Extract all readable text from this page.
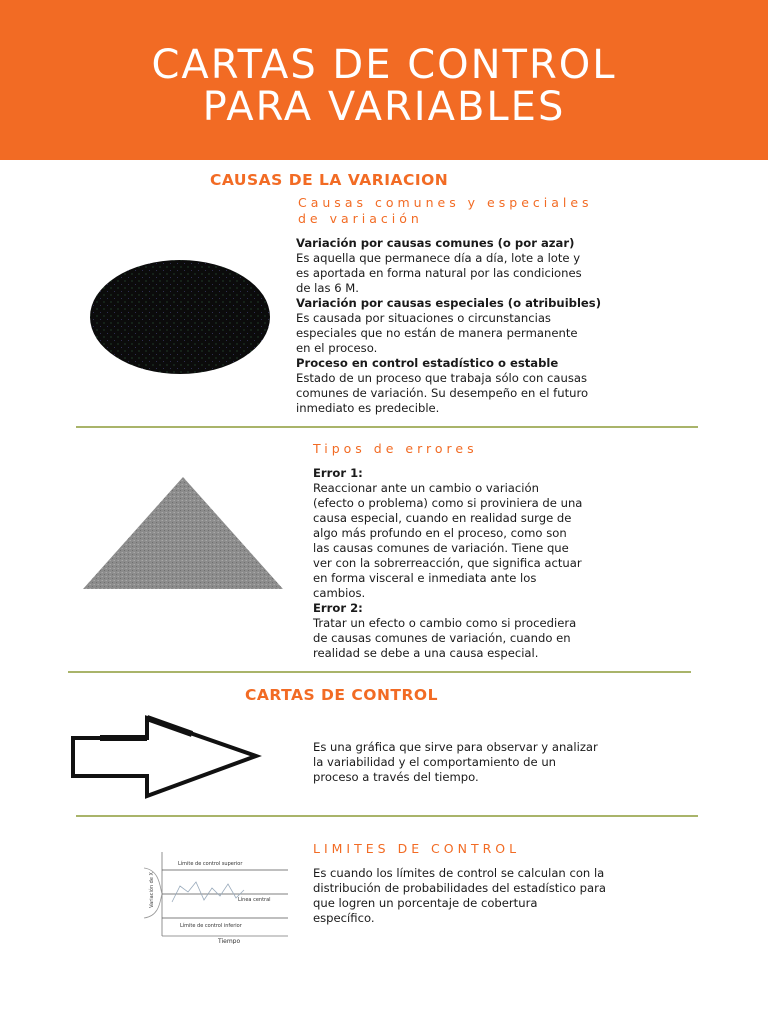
CARTAS DE CONTROL
PARA VARIABLES
CAUSAS DE LA VARIACION
Causas comunes y especiales
de variación
Variación por causas comunes (o por azar)
Es aquella que permanece día a día, lote a lote y
es aportada en forma natural por las condiciones
de las 6 M.
Variación por causas especiales (o atribuibles)
Es causada por situaciones o circunstancias
especiales que no están de manera permanente
en el proceso.
Proceso en control estadístico o estable
Estado de un proceso que trabaja sólo con causas
comunes de variación. Su desempeño en el futuro
inmediato es predecible.
Tipos de errores
Error 1:
Reaccionar ante un cambio o variación
(efecto o problema) como si proviniera de una
causa especial, cuando en realidad surge de
algo más profundo en el proceso, como son
las causas comunes de variación. Tiene que
ver con la sobrerreacción, que significa actuar
en forma visceral e inmediata ante los
cambios.
Error 2:
Tratar un efecto o cambio como si procediera
de causas comunes de variación, cuando en
realidad se debe a una causa especial.
CARTAS DE CONTROL
Es una gráfica que sirve para observar y analizar
la variabilidad y el comportamiento de un
proceso a través del tiempo.
LIMITES DE CONTROL
Variación de X
Límite de control superior
Línea central
Límite de control inferior
Tiempo
Es cuando los límites de control se calculan con la
distribución de probabilidades del estadístico para
que logren un porcentaje de cobertura
específico.
